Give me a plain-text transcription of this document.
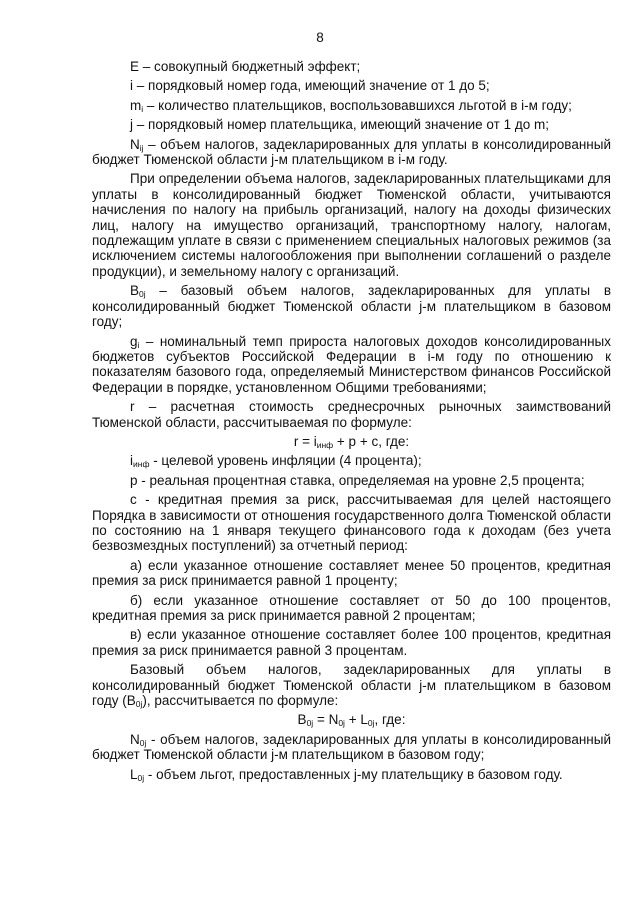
8

E – совокупный бюджетный эффект;

i – порядковый номер года, имеющий значение от 1 до 5;

$m_i$ – количество плательщиков, воспользовавшихся льготой в i-м году;

j – порядковый номер плательщика, имеющий значение от 1 до m;

$N_{ij}$ – объем налогов, задекларированных для уплаты в консолидированный бюджет Тюменской области j-м плательщиком в i-м году.

При определении объема налогов, задекларированных плательщиками для уплаты в консолидированный бюджет Тюменской области, учитываются начисления по налогу на прибыль организаций, налогу на доходы физических лиц, налогу на имущество организаций, транспортному налогу, налогам, подлежащим уплате в связи с применением специальных налоговых режимов (за исключением системы налогообложения при выполнении соглашений о разделе продукции), и земельному налогу с организаций.

$B_{0j}$ – базовый объем налогов, задекларированных для уплаты в консолидированный бюджет Тюменской области j-м плательщиком в базовом году;

$g_i$ – номинальный темп прироста налоговых доходов консолидированных бюджетов субъектов Российской Федерации в i-м году по отношению к показателям базового года, определяемый Министерством финансов Российской Федерации в порядке, установленном Общими требованиями;

r – расчетная стоимость среднесрочных рыночных заимствований Тюменской области, рассчитываемая по формуле:

$r = i_{инф} + p + c$, где:

$i_{инф}$ - целевой уровень инфляции (4 процента);

p - реальная процентная ставка, определяемая на уровне 2,5 процента;

с - кредитная премия за риск, рассчитываемая для целей настоящего Порядка в зависимости от отношения государственного долга Тюменской области по состоянию на 1 января текущего финансового года к доходам (без учета безвозмездных поступлений) за отчетный период:

а) если указанное отношение составляет менее 50 процентов, кредитная премия за риск принимается равной 1 проценту;

б) если указанное отношение составляет от 50 до 100 процентов, кредитная премия за риск принимается равной 2 процентам;

в) если указанное отношение составляет более 100 процентов, кредитная премия за риск принимается равной 3 процентам.

Базовый объем налогов, задекларированных для уплаты в консолидированный бюджет Тюменской области j-м плательщиком в базовом году $(B_{0j})$, рассчитывается по формуле:

$B_{0j} = N_{0j} + L_{0j}$, где:

$N_{0j}$ - объем налогов, задекларированных для уплаты в консолидированный бюджет Тюменской области j-м плательщиком в базовом году;

$L_{0j}$ - объем льгот, предоставленных j-му плательщику в базовом году.
